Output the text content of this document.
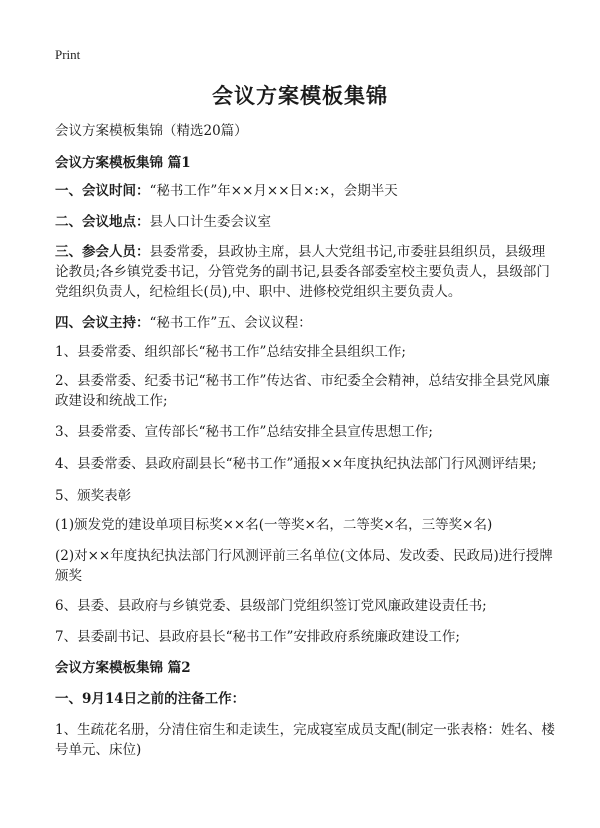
Print
会议方案模板集锦
会议方案模板集锦（精选20篇）
会议方案模板集锦 篇1
一、会议时间：“秘书工作”年××月××日×:×，会期半天
二、会议地点：县人口计生委会议室
三、参会人员：县委常委，县政协主席，县人大党组书记,市委驻县组织员，县级理论教员;各乡镇党委书记，分管党务的副书记,县委各部委室校主要负责人，县级部门党组织负责人，纪检组长(员),中、职中、进修校党组织主要负责人。
四、会议主持：“秘书工作”五、会议议程：
1、县委常委、组织部长“秘书工作”总结安排全县组织工作;
2、县委常委、纪委书记“秘书工作”传达省、市纪委全会精神，总结安排全县党风廉政建设和统战工作;
3、县委常委、宣传部长“秘书工作”总结安排全县宣传思想工作;
4、县委常委、县政府副县长“秘书工作”通报××年度执纪执法部门行风测评结果;
5、颁奖表彰
(1)颁发党的建设单项目标奖××名(一等奖×名，二等奖×名，三等奖×名)
(2)对××年度执纪执法部门行风测评前三名单位(文体局、发改委、民政局)进行授牌颁奖
6、县委、县政府与乡镇党委、县级部门党组织签订党风廉政建设责任书;
7、县委副书记、县政府县长“秘书工作”安排政府系统廉政建设工作;
会议方案模板集锦 篇2
一、9月14日之前的注备工作：
1、生疏花名册，分清住宿生和走读生，完成寝室成员支配(制定一张表格：姓名、楼号单元、床位)
